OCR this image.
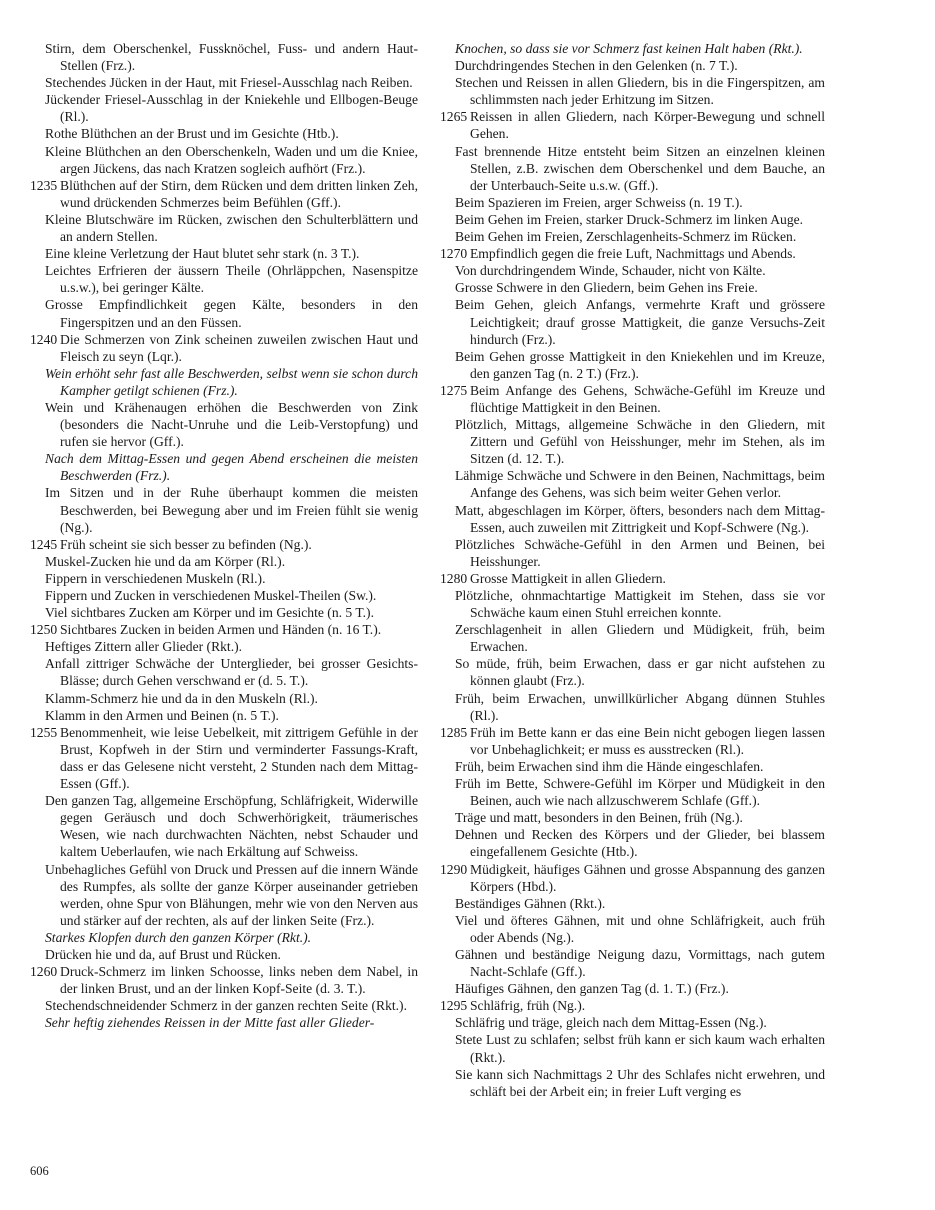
Stirn, dem Oberschenkel, Fussknöchel, Fuss- und andern Haut-Stellen (Frz.).
Stechendes Jücken in der Haut, mit Friesel-Ausschlag nach Reiben.
Jückender Friesel-Ausschlag in der Kniekehle und Ellbogen-Beuge (Rl.).
Rothe Blüthchen an der Brust und im Gesichte (Htb.).
Kleine Blüthchen an den Oberschenkeln, Waden und um die Kniee, argen Jückens, das nach Kratzen sogleich aufhört (Frz.).
1235 Blüthchen auf der Stirn, dem Rücken und dem dritten linken Zeh, wund drückenden Schmerzes beim Befühlen (Gff.).
Kleine Blutschwäre im Rücken, zwischen den Schulterblättern und an andern Stellen.
Eine kleine Verletzung der Haut blutet sehr stark (n. 3 T.).
Leichtes Erfrieren der äussern Theile (Ohrläppchen, Nasenspitze u.s.w.), bei geringer Kälte.
Grosse Empfindlichkeit gegen Kälte, besonders in den Fingerspitzen und an den Füssen.
1240 Die Schmerzen von Zink scheinen zuweilen zwischen Haut und Fleisch zu seyn (Lqr.).
Wein erhöht sehr fast alle Beschwerden, selbst wenn sie schon durch Kampher getilgt schienen (Frz.).
Wein und Krähenaugen erhöhen die Beschwerden von Zink (besonders die Nacht-Unruhe und die Leib-Verstopfung) und rufen sie hervor (Gff.).
Nach dem Mittag-Essen und gegen Abend erscheinen die meisten Beschwerden (Frz.).
Im Sitzen und in der Ruhe überhaupt kommen die meisten Beschwerden, bei Bewegung aber und im Freien fühlt sie wenig (Ng.).
1245 Früh scheint sie sich besser zu befinden (Ng.).
Muskel-Zucken hie und da am Körper (Rl.).
Fippern in verschiedenen Muskeln (Rl.).
Fippern und Zucken in verschiedenen Muskel-Theilen (Sw.).
Viel sichtbares Zucken am Körper und im Gesichte (n. 5 T.).
1250 Sichtbares Zucken in beiden Armen und Händen (n. 16 T.).
Heftiges Zittern aller Glieder (Rkt.).
Anfall zittriger Schwäche der Unterglieder, bei grosser Gesichts-Blässe; durch Gehen verschwand er (d. 5. T.).
Klamm-Schmerz hie und da in den Muskeln (Rl.).
Klamm in den Armen und Beinen (n. 5 T.).
1255 Benommenheit, wie leise Uebelkeit, mit zittrigem Gefühle in der Brust, Kopfweh in der Stirn und verminderter Fassungs-Kraft, dass er das Gelesene nicht versteht, 2 Stunden nach dem Mittag-Essen (Gff.).
Den ganzen Tag, allgemeine Erschöpfung, Schläfrigkeit, Widerwille gegen Geräusch und doch Schwerhörigkeit, träumerisches Wesen, wie nach durchwachten Nächten, nebst Schauder und kaltem Ueberlaufen, wie nach Erkältung auf Schweiss.
Unbehagliches Gefühl von Druck und Pressen auf die innern Wände des Rumpfes, als sollte der ganze Körper auseinander getrieben werden, ohne Spur von Blähungen, mehr wie von den Nerven aus und stärker auf der rechten, als auf der linken Seite (Frz.).
Starkes Klopfen durch den ganzen Körper (Rkt.).
Drücken hie und da, auf Brust und Rücken.
1260 Druck-Schmerz im linken Schoosse, links neben dem Nabel, in der linken Brust, und an der linken Kopf-Seite (d. 3. T.).
Stechendschneidender Schmerz in der ganzen rechten Seite (Rkt.).
Sehr heftig ziehendes Reissen in der Mitte fast aller Glieder-
Knochen, so dass sie vor Schmerz fast keinen Halt haben (Rkt.).
Durchdringendes Stechen in den Gelenken (n. 7 T.).
Stechen und Reissen in allen Gliedern, bis in die Fingerspitzen, am schlimmsten nach jeder Erhitzung im Sitzen.
1265 Reissen in allen Gliedern, nach Körper-Bewegung und schnell Gehen.
Fast brennende Hitze entsteht beim Sitzen an einzelnen kleinen Stellen, z.B. zwischen dem Oberschenkel und dem Bauche, an der Unterbauch-Seite u.s.w. (Gff.).
Beim Spazieren im Freien, arger Schweiss (n. 19 T.).
Beim Gehen im Freien, starker Druck-Schmerz im linken Auge.
Beim Gehen im Freien, Zerschlagenheits-Schmerz im Rücken.
1270 Empfindlich gegen die freie Luft, Nachmittags und Abends.
Von durchdringendem Winde, Schauder, nicht von Kälte.
Grosse Schwere in den Gliedern, beim Gehen ins Freie.
Beim Gehen, gleich Anfangs, vermehrte Kraft und grössere Leichtigkeit; drauf grosse Mattigkeit, die ganze Versuchs-Zeit hindurch (Frz.).
Beim Gehen grosse Mattigkeit in den Kniekehlen und im Kreuze, den ganzen Tag (n. 2 T.) (Frz.).
1275 Beim Anfange des Gehens, Schwäche-Gefühl im Kreuze und flüchtige Mattigkeit in den Beinen.
Plötzlich, Mittags, allgemeine Schwäche in den Gliedern, mit Zittern und Gefühl von Heisshunger, mehr im Stehen, als im Sitzen (d. 12. T.).
Lähmige Schwäche und Schwere in den Beinen, Nachmittags, beim Anfange des Gehens, was sich beim weiter Gehen verlor.
Matt, abgeschlagen im Körper, öfters, besonders nach dem Mittag-Essen, auch zuweilen mit Zittrigkeit und Kopf-Schwere (Ng.).
Plötzliches Schwäche-Gefühl in den Armen und Beinen, bei Heisshunger.
1280 Grosse Mattigkeit in allen Gliedern.
Plötzliche, ohnmachtartige Mattigkeit im Stehen, dass sie vor Schwäche kaum einen Stuhl erreichen konnte.
Zerschlagenheit in allen Gliedern und Müdigkeit, früh, beim Erwachen.
So müde, früh, beim Erwachen, dass er gar nicht aufstehen zu können glaubt (Frz.).
Früh, beim Erwachen, unwillkürlicher Abgang dünnen Stuhles (Rl.).
1285 Früh im Bette kann er das eine Bein nicht gebogen liegen lassen vor Unbehaglichkeit; er muss es ausstrecken (Rl.).
Früh, beim Erwachen sind ihm die Hände eingeschlafen.
Früh im Bette, Schwere-Gefühl im Körper und Müdigkeit in den Beinen, auch wie nach allzuschwerem Schlafe (Gff.).
Träge und matt, besonders in den Beinen, früh (Ng.).
Dehnen und Recken des Körpers und der Glieder, bei blassem eingefallenem Gesichte (Htb.).
1290 Müdigkeit, häufiges Gähnen und grosse Abspannung des ganzen Körpers (Hbd.).
Beständiges Gähnen (Rkt.).
Viel und öfteres Gähnen, mit und ohne Schläfrigkeit, auch früh oder Abends (Ng.).
Gähnen und beständige Neigung dazu, Vormittags, nach gutem Nacht-Schlafe (Gff.).
Häufiges Gähnen, den ganzen Tag (d. 1. T.) (Frz.).
1295 Schläfrig, früh (Ng.).
Schläfrig und träge, gleich nach dem Mittag-Essen (Ng.).
Stete Lust zu schlafen; selbst früh kann er sich kaum wach erhalten (Rkt.).
Sie kann sich Nachmittags 2 Uhr des Schlafes nicht erwehren, und schläft bei der Arbeit ein; in freier Luft verging es
606
